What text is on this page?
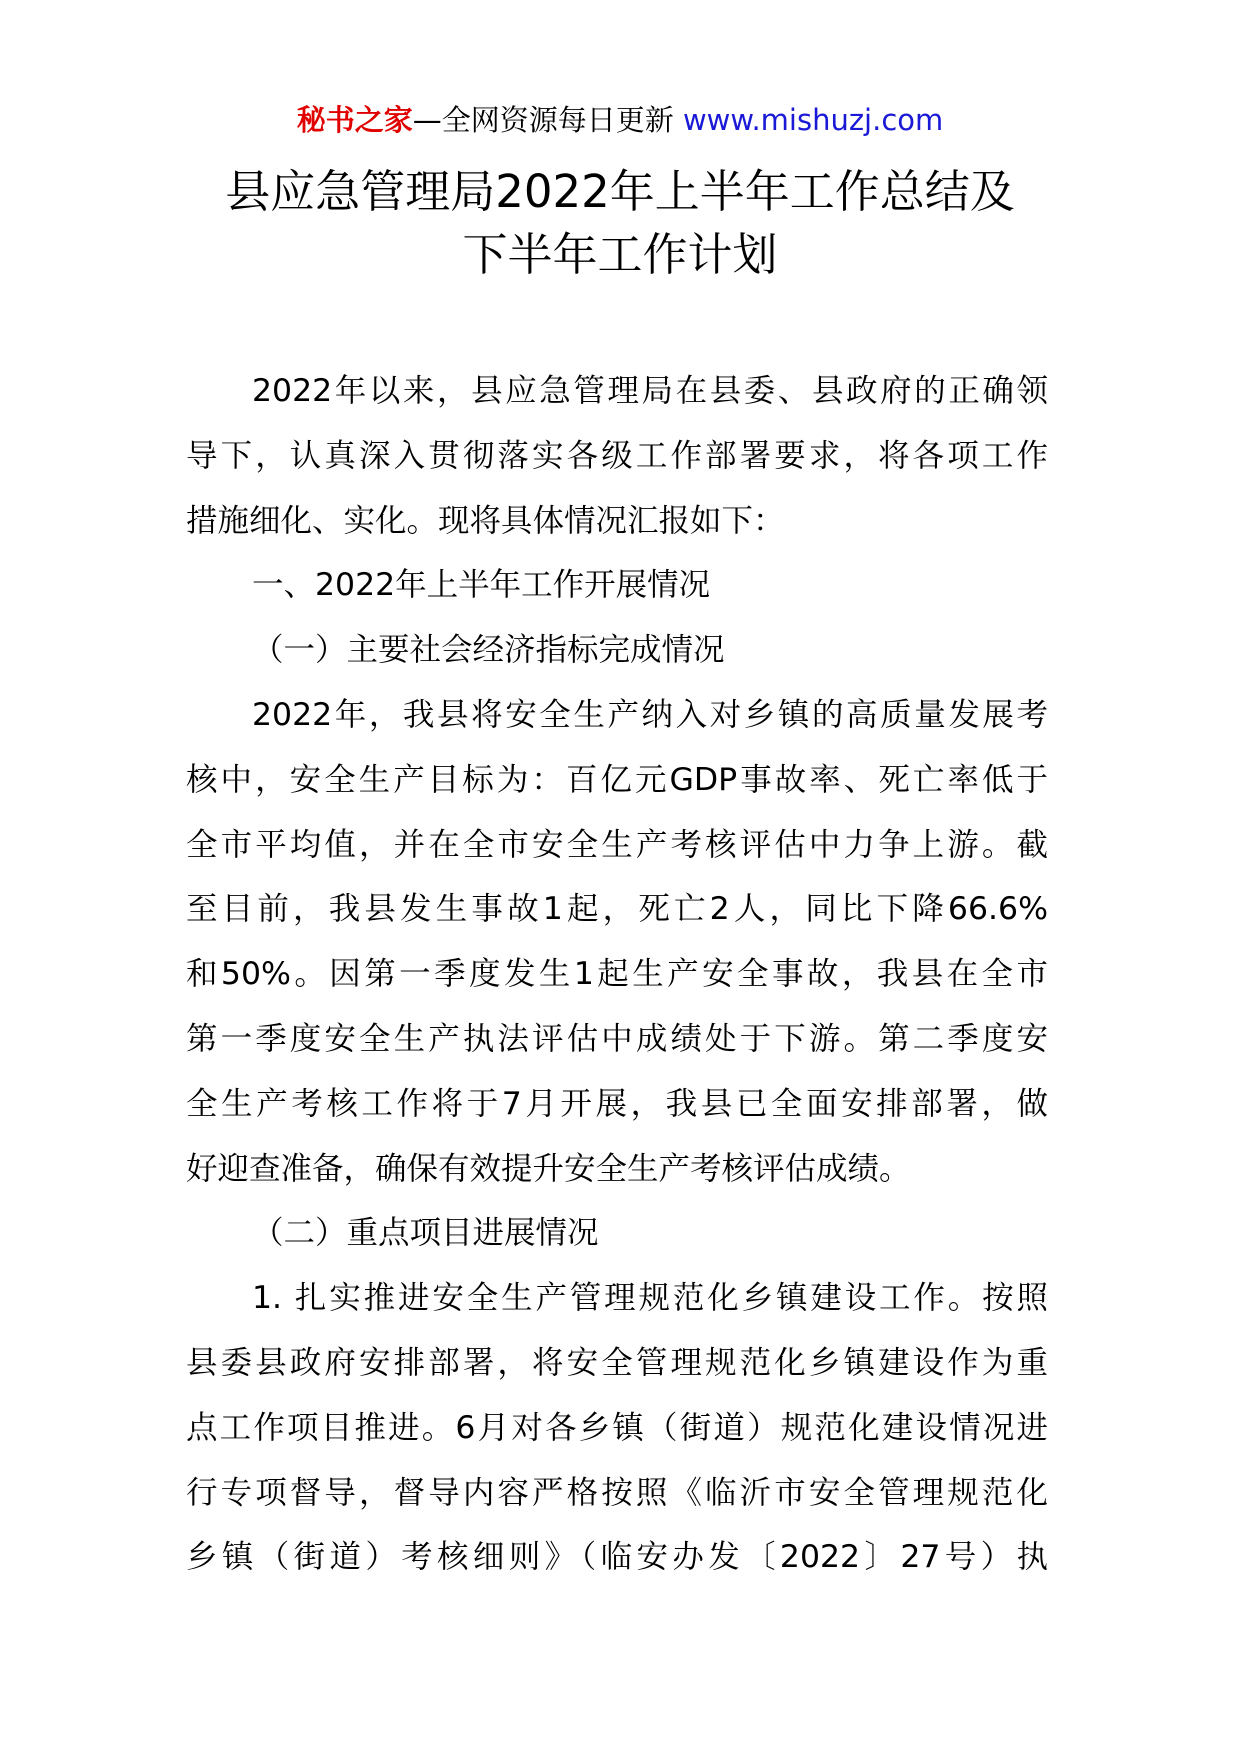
秘书之家—全网资源每日更新 www.mishuzj.com
县应急管理局2022年上半年工作总结及
下半年工作计划
2022年以来，县应急管理局在县委、县政府的正确领
导下，认真深入贯彻落实各级工作部署要求，将各项工作
措施细化、实化。现将具体情况汇报如下：
一、2022年上半年工作开展情况
（一）主要社会经济指标完成情况
2022年，我县将安全生产纳入对乡镇的高质量发展考
核中，安全生产目标为：百亿元GDP事故率、死亡率低于
全市平均值，并在全市安全生产考核评估中力争上游。截
至目前，我县发生事故1起，死亡2人，同比下降66.6%
和50%。因第一季度发生1起生产安全事故，我县在全市
第一季度安全生产执法评估中成绩处于下游。第二季度安
全生产考核工作将于7月开展，我县已全面安排部署，做
好迎查准备，确保有效提升安全生产考核评估成绩。
（二）重点项目进展情况
1. 扎实推进安全生产管理规范化乡镇建设工作。按照
县委县政府安排部署，将安全管理规范化乡镇建设作为重
点工作项目推进。6月对各乡镇（街道）规范化建设情况进
行专项督导，督导内容严格按照《临沂市安全管理规范化
乡镇（街道）考核细则》（临安办发〔2022〕27号）执
